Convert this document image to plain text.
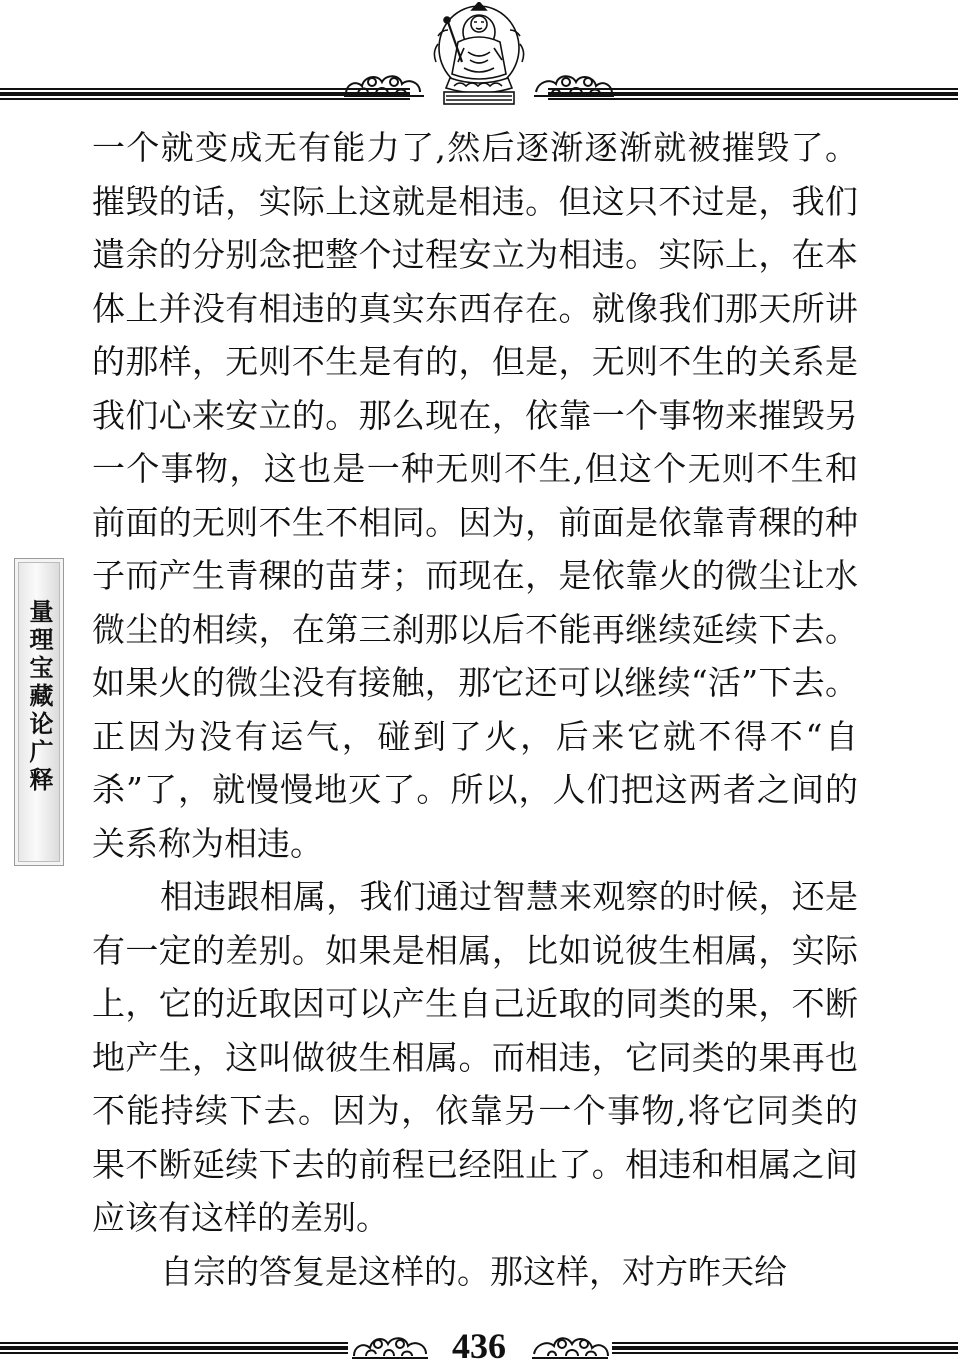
量理宝藏论广释

一个就变成无有能力了,然后逐渐逐渐就被摧毁了。摧毁的话，实际上这就是相违。但这只不过是，我们遣余的分别念把整个过程安立为相违。实际上，在本体上并没有相违的真实东西存在。就像我们那天所讲的那样，无则不生是有的，但是，无则不生的关系是我们心来安立的。那么现在，依靠一个事物来摧毁另一个事物，这也是一种无则不生,但这个无则不生和前面的无则不生不相同。因为，前面是依靠青稞的种子而产生青稞的苗芽；而现在，是依靠火的微尘让水微尘的相续，在第三刹那以后不能再继续延续下去。如果火的微尘没有接触，那它还可以继续“活”下去。正因为没有运气，碰到了火，后来它就不得不“自杀”了，就慢慢地灭了。所以，人们把这两者之间的关系称为相违。

相违跟相属，我们通过智慧来观察的时候，还是有一定的差别。如果是相属，比如说彼生相属，实际上，它的近取因可以产生自己近取的同类的果，不断地产生，这叫做彼生相属。而相违，它同类的果再也不能持续下去。因为，依靠另一个事物,将它同类的果不断延续下去的前程已经阻止了。相违和相属之间应该有这样的差别。

自宗的答复是这样的。那这样，对方昨天给

436
